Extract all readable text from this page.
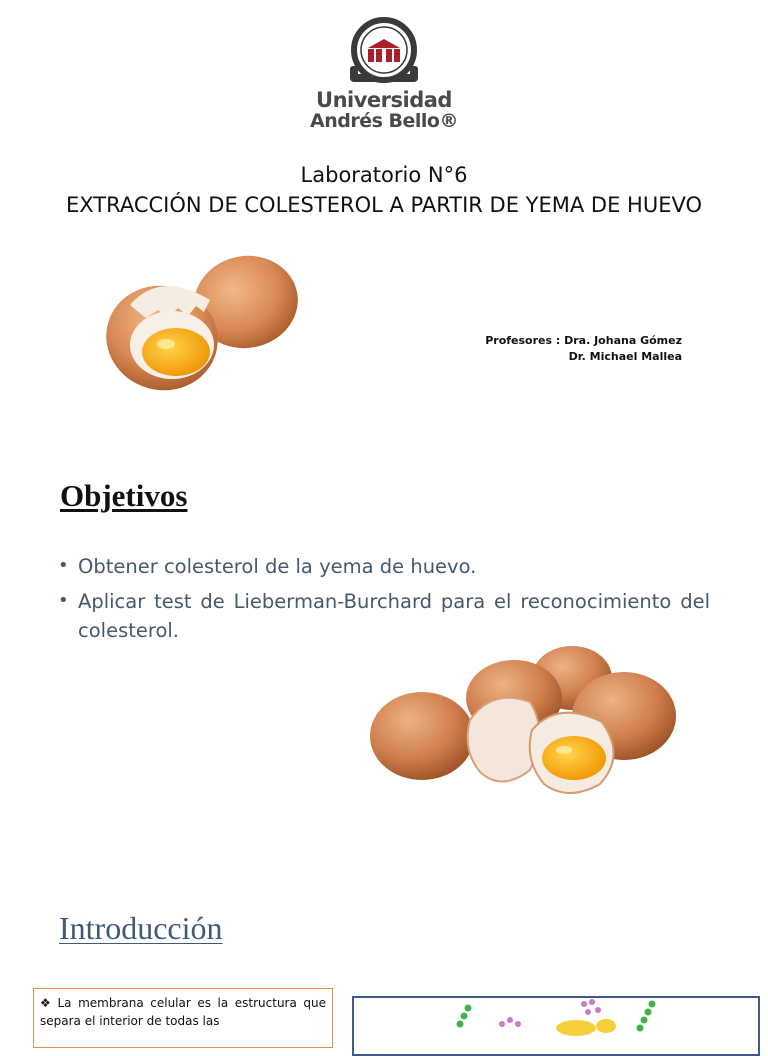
Universidad
Andrés Bello®
Laboratorio N°6
EXTRACCIÓN DE COLESTEROL A PARTIR DE YEMA DE HUEVO
Profesores : Dra. Johana Gómez
Dr. Michael Mallea
Objetivos
• Obtener colesterol de la yema de huevo.
• Aplicar test de Lieberman-Burchard para el reconocimiento del colesterol.
Introducción
❖ La membrana celular es la estructura que separa el interior de todas las
